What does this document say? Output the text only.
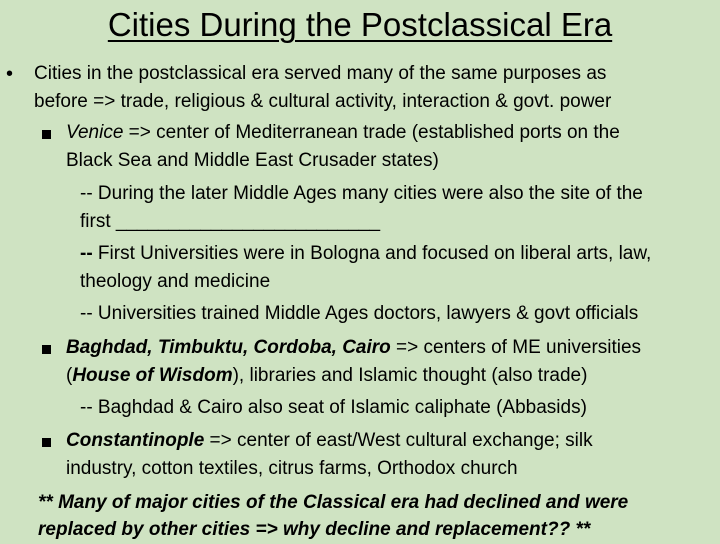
Cities During the Postclassical Era
• Cities in the postclassical era served many of the same purposes as
before => trade, religious & cultural activity, interaction & govt. power
Venice => center of Mediterranean trade (established ports on the
Black Sea and Middle East Crusader states)
-- During the later Middle Ages many cities were also the site of the
first _________________________
-- First Universities were in Bologna and focused on liberal arts, law,
theology and medicine
-- Universities trained Middle Ages doctors, lawyers & govt officials
Baghdad, Timbuktu, Cordoba, Cairo => centers of ME universities
(House of Wisdom), libraries and Islamic thought (also trade)
-- Baghdad & Cairo also seat of Islamic caliphate (Abbasids)
Constantinople => center of east/West cultural exchange; silk
industry, cotton textiles, citrus farms, Orthodox church
** Many of major cities of the Classical era had declined and were
replaced by other cities => why decline and replacement?? **
